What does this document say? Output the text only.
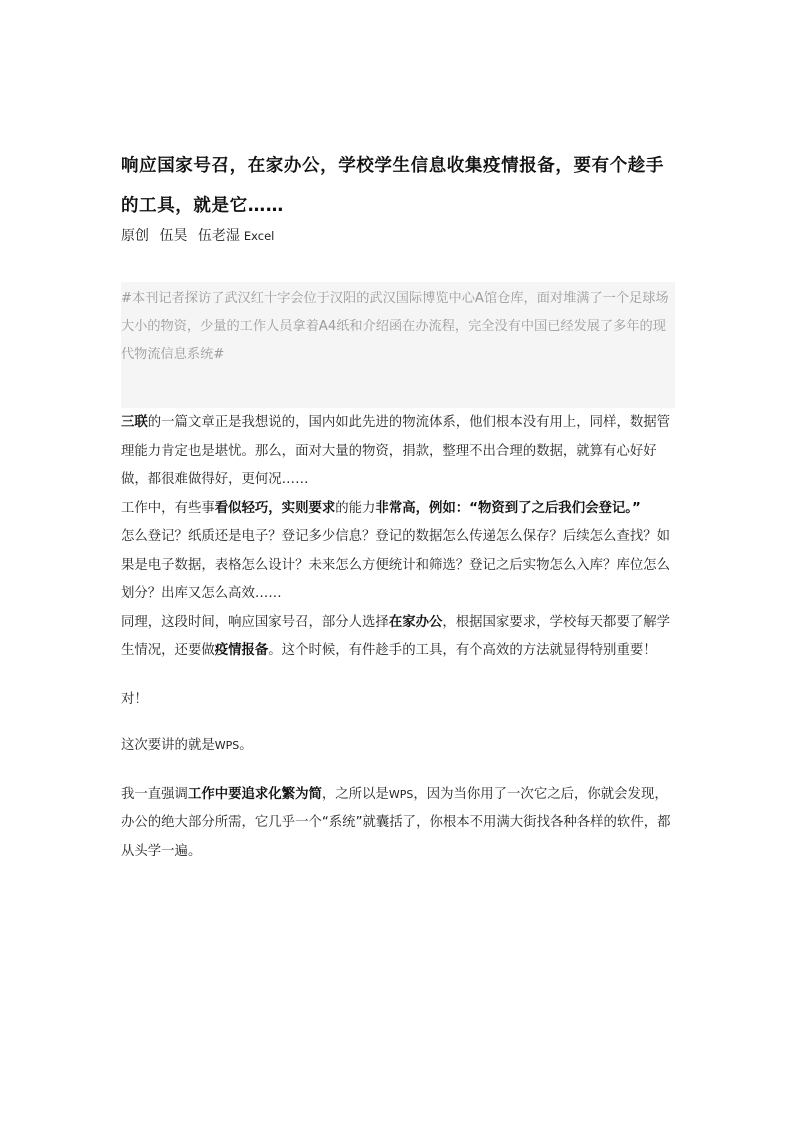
响应国家号召，在家办公，学校学生信息收集疫情报备，要有个趁手的工具，就是它……
原创 伍昊 伍老湿 Excel
#本刊记者探访了武汉红十字会位于汉阳的武汉国际博览中心A馆仓库，面对堆满了一个足球场大小的物资，少量的工作人员拿着A4纸和介绍函在办流程，完全没有中国已经发展了多年的现代物流信息系统#

三联的一篇文章正是我想说的，国内如此先进的物流体系，他们根本没有用上，同样，数据管理能力肯定也是堪忧。那么，面对大量的物资，捐款，整理不出合理的数据，就算有心好好做，都很难做得好，更何况……

工作中，有些事看似轻巧，实则要求的能力非常高，例如：“物资到了之后我们会登记。”
怎么登记？纸质还是电子？登记多少信息？登记的数据怎么传递怎么保存？后续怎么查找？如果是电子数据，表格怎么设计？未来怎么方便统计和筛选？登记之后实物怎么入库？库位怎么划分？出库又怎么高效……

同理，这段时间，响应国家号召，部分人选择在家办公，根据国家要求，学校每天都要了解学生情况，还要做疫情报备。这个时候，有件趁手的工具，有个高效的方法就显得特别重要！

对！

这次要讲的就是WPS。

我一直强调工作中要追求化繁为简，之所以是WPS，因为当你用了一次它之后，你就会发现，办公的绝大部分所需，它几乎一个“系统”就囊括了，你根本不用满大街找各种各样的软件，都从头学一遍。
